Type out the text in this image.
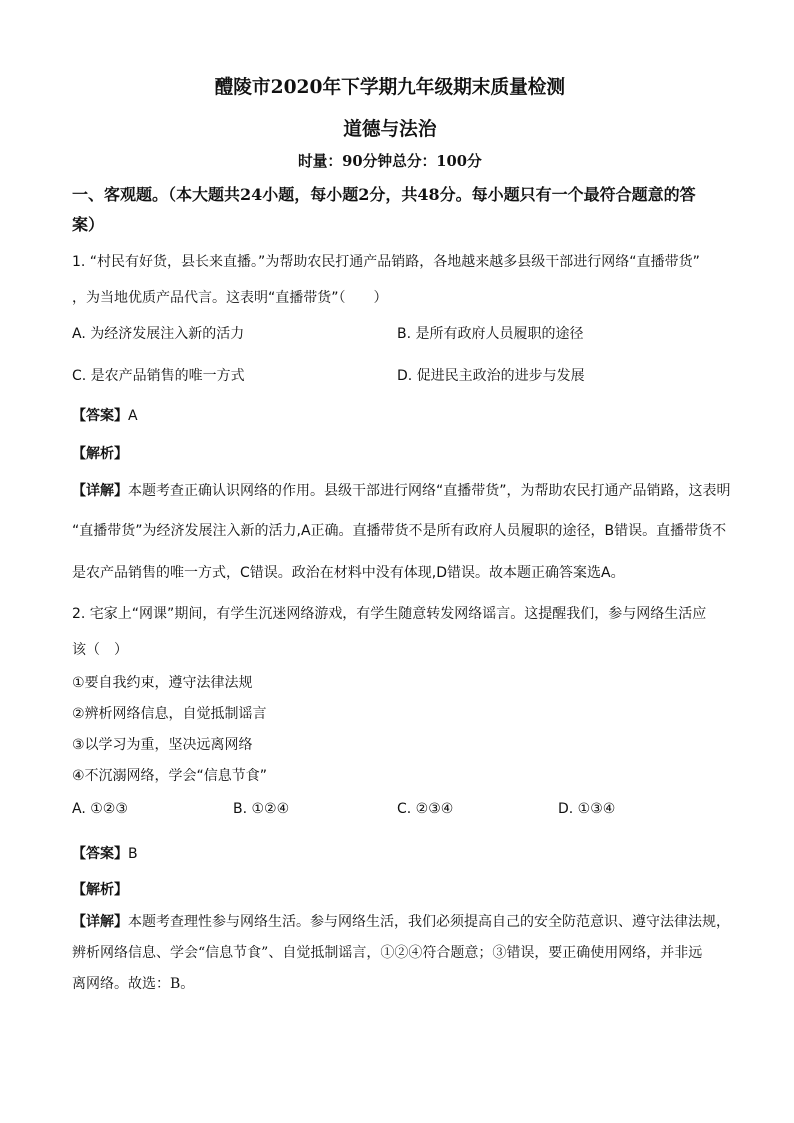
醴陵市2020年下学期九年级期末质量检测
道德与法治
时量：90分钟总分：100分
一、客观题。（本大题共24小题，每小题2分，共48分。每小题只有一个最符合题意的答
案）
1. “村民有好货，县长来直播。”为帮助农民打通产品销路，各地越来越多县级干部进行网络“直播带货”
，为当地优质产品代言。这表明“直播带货”（　　）
A. 为经济发展注入新的活力	B. 是所有政府人员履职的途径
C. 是农产品销售的唯一方式	D. 促进民主政治的进步与发展
【答案】A
【解析】
【详解】本题考查正确认识网络的作用。县级干部进行网络“直播带货”，为帮助农民打通产品销路，这表明
“直播带货”为经济发展注入新的活力,A正确。直播带货不是所有政府人员履职的途径，B错误。直播带货不
是农产品销售的唯一方式，C错误。政治在材料中没有体现,D错误。故本题正确答案选A。
2. 宅家上“网课”期间，有学生沉迷网络游戏，有学生随意转发网络谣言。这提醒我们，参与网络生活应
该（　）
①要自我约束，遵守法律法规
②辨析网络信息，自觉抵制谣言
③以学习为重，坚决远离网络
④不沉溺网络，学会“信息节食”
A. ①②③	B. ①②④	C. ②③④	D. ①③④
【答案】B
【解析】
【详解】本题考查理性参与网络生活。参与网络生活，我们必须提高自己的安全防范意识、遵守法律法规，
辨析网络信息、学会“信息节食”、自觉抵制谣言，①②④符合题意；③错误，要正确使用网络，并非远
离网络。故选：B。
